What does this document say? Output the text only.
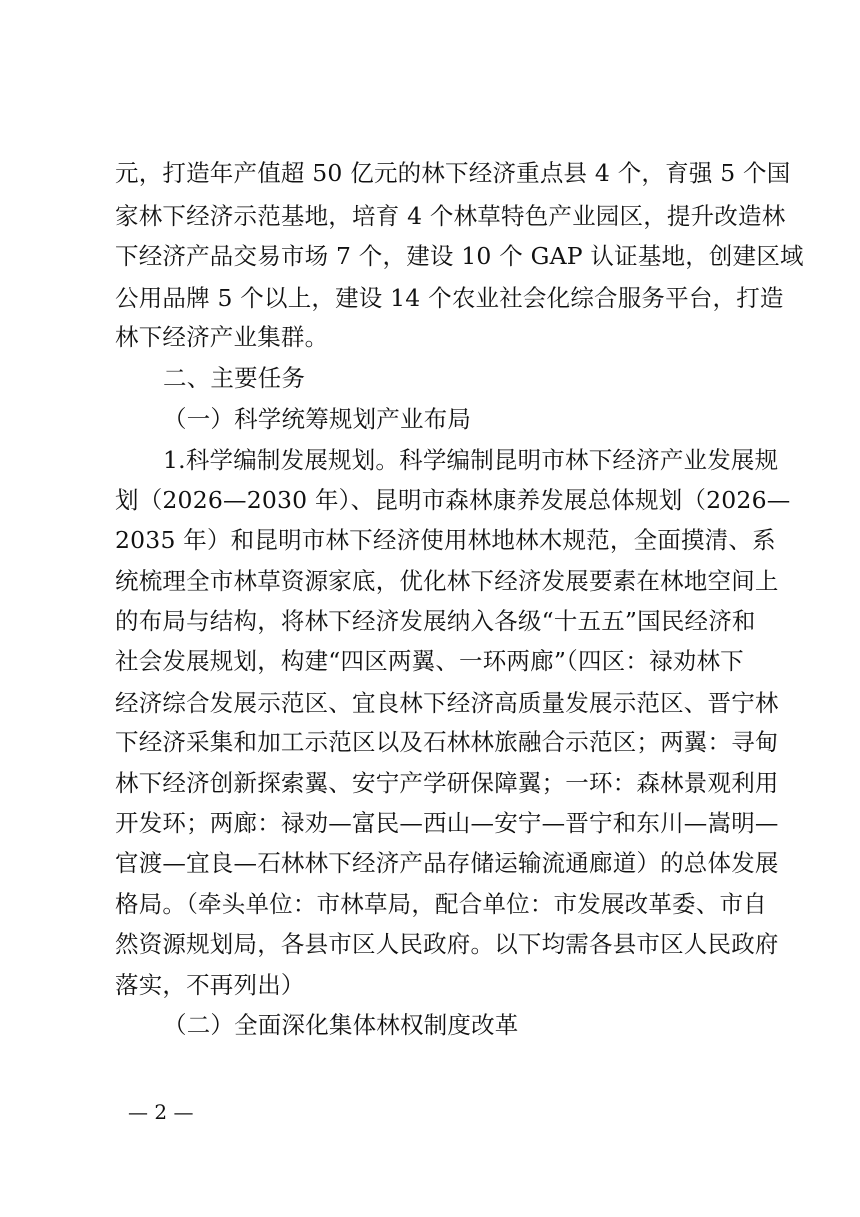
元，打造年产值超 50 亿元的林下经济重点县 4 个，育强 5 个国
家林下经济示范基地，培育 4 个林草特色产业园区，提升改造林
下经济产品交易市场 7 个，建设 10 个 GAP 认证基地，创建区域
公用品牌 5 个以上，建设 14 个农业社会化综合服务平台，打造
林下经济产业集群。
二、主要任务
（一）科学统筹规划产业布局
1.科学编制发展规划。科学编制昆明市林下经济产业发展规
划（2026—2030 年）、昆明市森林康养发展总体规划（2026—
2035 年）和昆明市林下经济使用林地林木规范，全面摸清、系
统梳理全市林草资源家底，优化林下经济发展要素在林地空间上
的布局与结构，将林下经济发展纳入各级“十五五”国民经济和
社会发展规划，构建“四区两翼、一环两廊”（四区：禄劝林下
经济综合发展示范区、宜良林下经济高质量发展示范区、晋宁林
下经济采集和加工示范区以及石林林旅融合示范区；两翼：寻甸
林下经济创新探索翼、安宁产学研保障翼；一环：森林景观利用
开发环；两廊：禄劝—富民—西山—安宁—晋宁和东川—嵩明—
官渡—宜良—石林林下经济产品存储运输流通廊道）的总体发展
格局。（牵头单位：市林草局，配合单位：市发展改革委、市自
然资源规划局，各县市区人民政府。以下均需各县市区人民政府
落实，不再列出）
（二）全面深化集体林权制度改革
— 2 —
